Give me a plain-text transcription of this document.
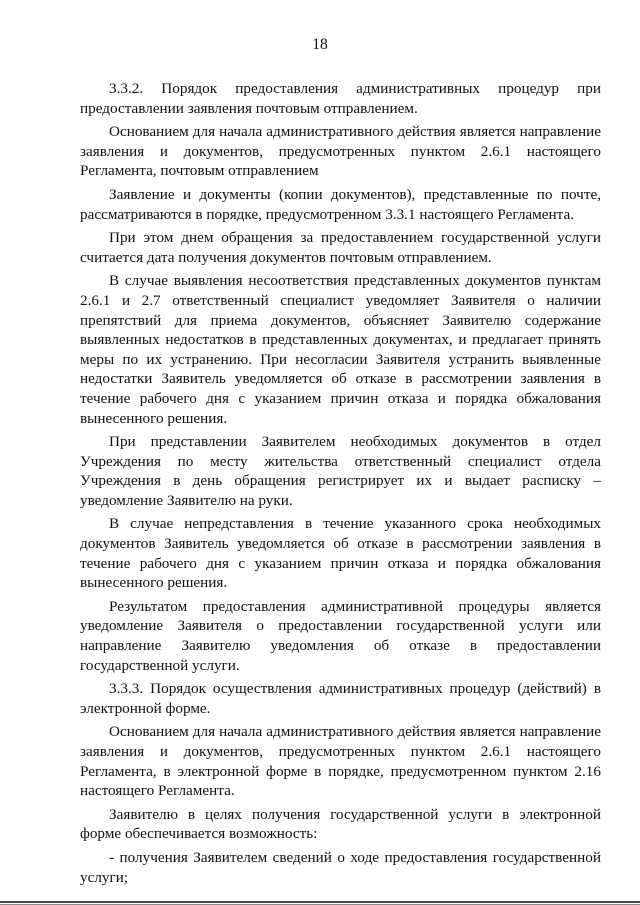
18

3.3.2. Порядок предоставления административных процедур при предоставлении заявления почтовым отправлением.

Основанием для начала административного действия является направление заявления и документов, предусмотренных пунктом 2.6.1 настоящего Регламента, почтовым отправлением

Заявление и документы (копии документов), представленные по почте, рассматриваются в порядке, предусмотренном 3.3.1 настоящего Регламента.

При этом днем обращения за предоставлением государственной услуги считается дата получения документов почтовым отправлением.

В случае выявления несоответствия представленных документов пунктам 2.6.1 и 2.7 ответственный специалист уведомляет Заявителя о наличии препятствий для приема документов, объясняет Заявителю содержание выявленных недостатков в представленных документах, и предлагает принять меры по их устранению. При несогласии Заявителя устранить выявленные недостатки Заявитель уведомляется об отказе в рассмотрении заявления в течение рабочего дня с указанием причин отказа и порядка обжалования вынесенного решения.

При представлении Заявителем необходимых документов в отдел Учреждения по месту жительства ответственный специалист отдела Учреждения в день обращения регистрирует их и выдает расписку – уведомление Заявителю на руки.

В случае непредставления в течение указанного срока необходимых документов Заявитель уведомляется об отказе в рассмотрении заявления в течение рабочего дня с указанием причин отказа и порядка обжалования вынесенного решения.

Результатом предоставления административной процедуры является уведомление Заявителя о предоставлении государственной услуги или направление Заявителю уведомления об отказе в предоставлении государственной услуги.

3.3.3. Порядок осуществления административных процедур (действий) в электронной форме.

Основанием для начала административного действия является направление заявления и документов, предусмотренных пунктом 2.6.1 настоящего Регламента, в электронной форме в порядке, предусмотренном пунктом 2.16 настоящего Регламента.

Заявителю в целях получения государственной услуги в электронной форме обеспечивается возможность:

- получения Заявителем сведений о ходе предоставления государственной услуги;
